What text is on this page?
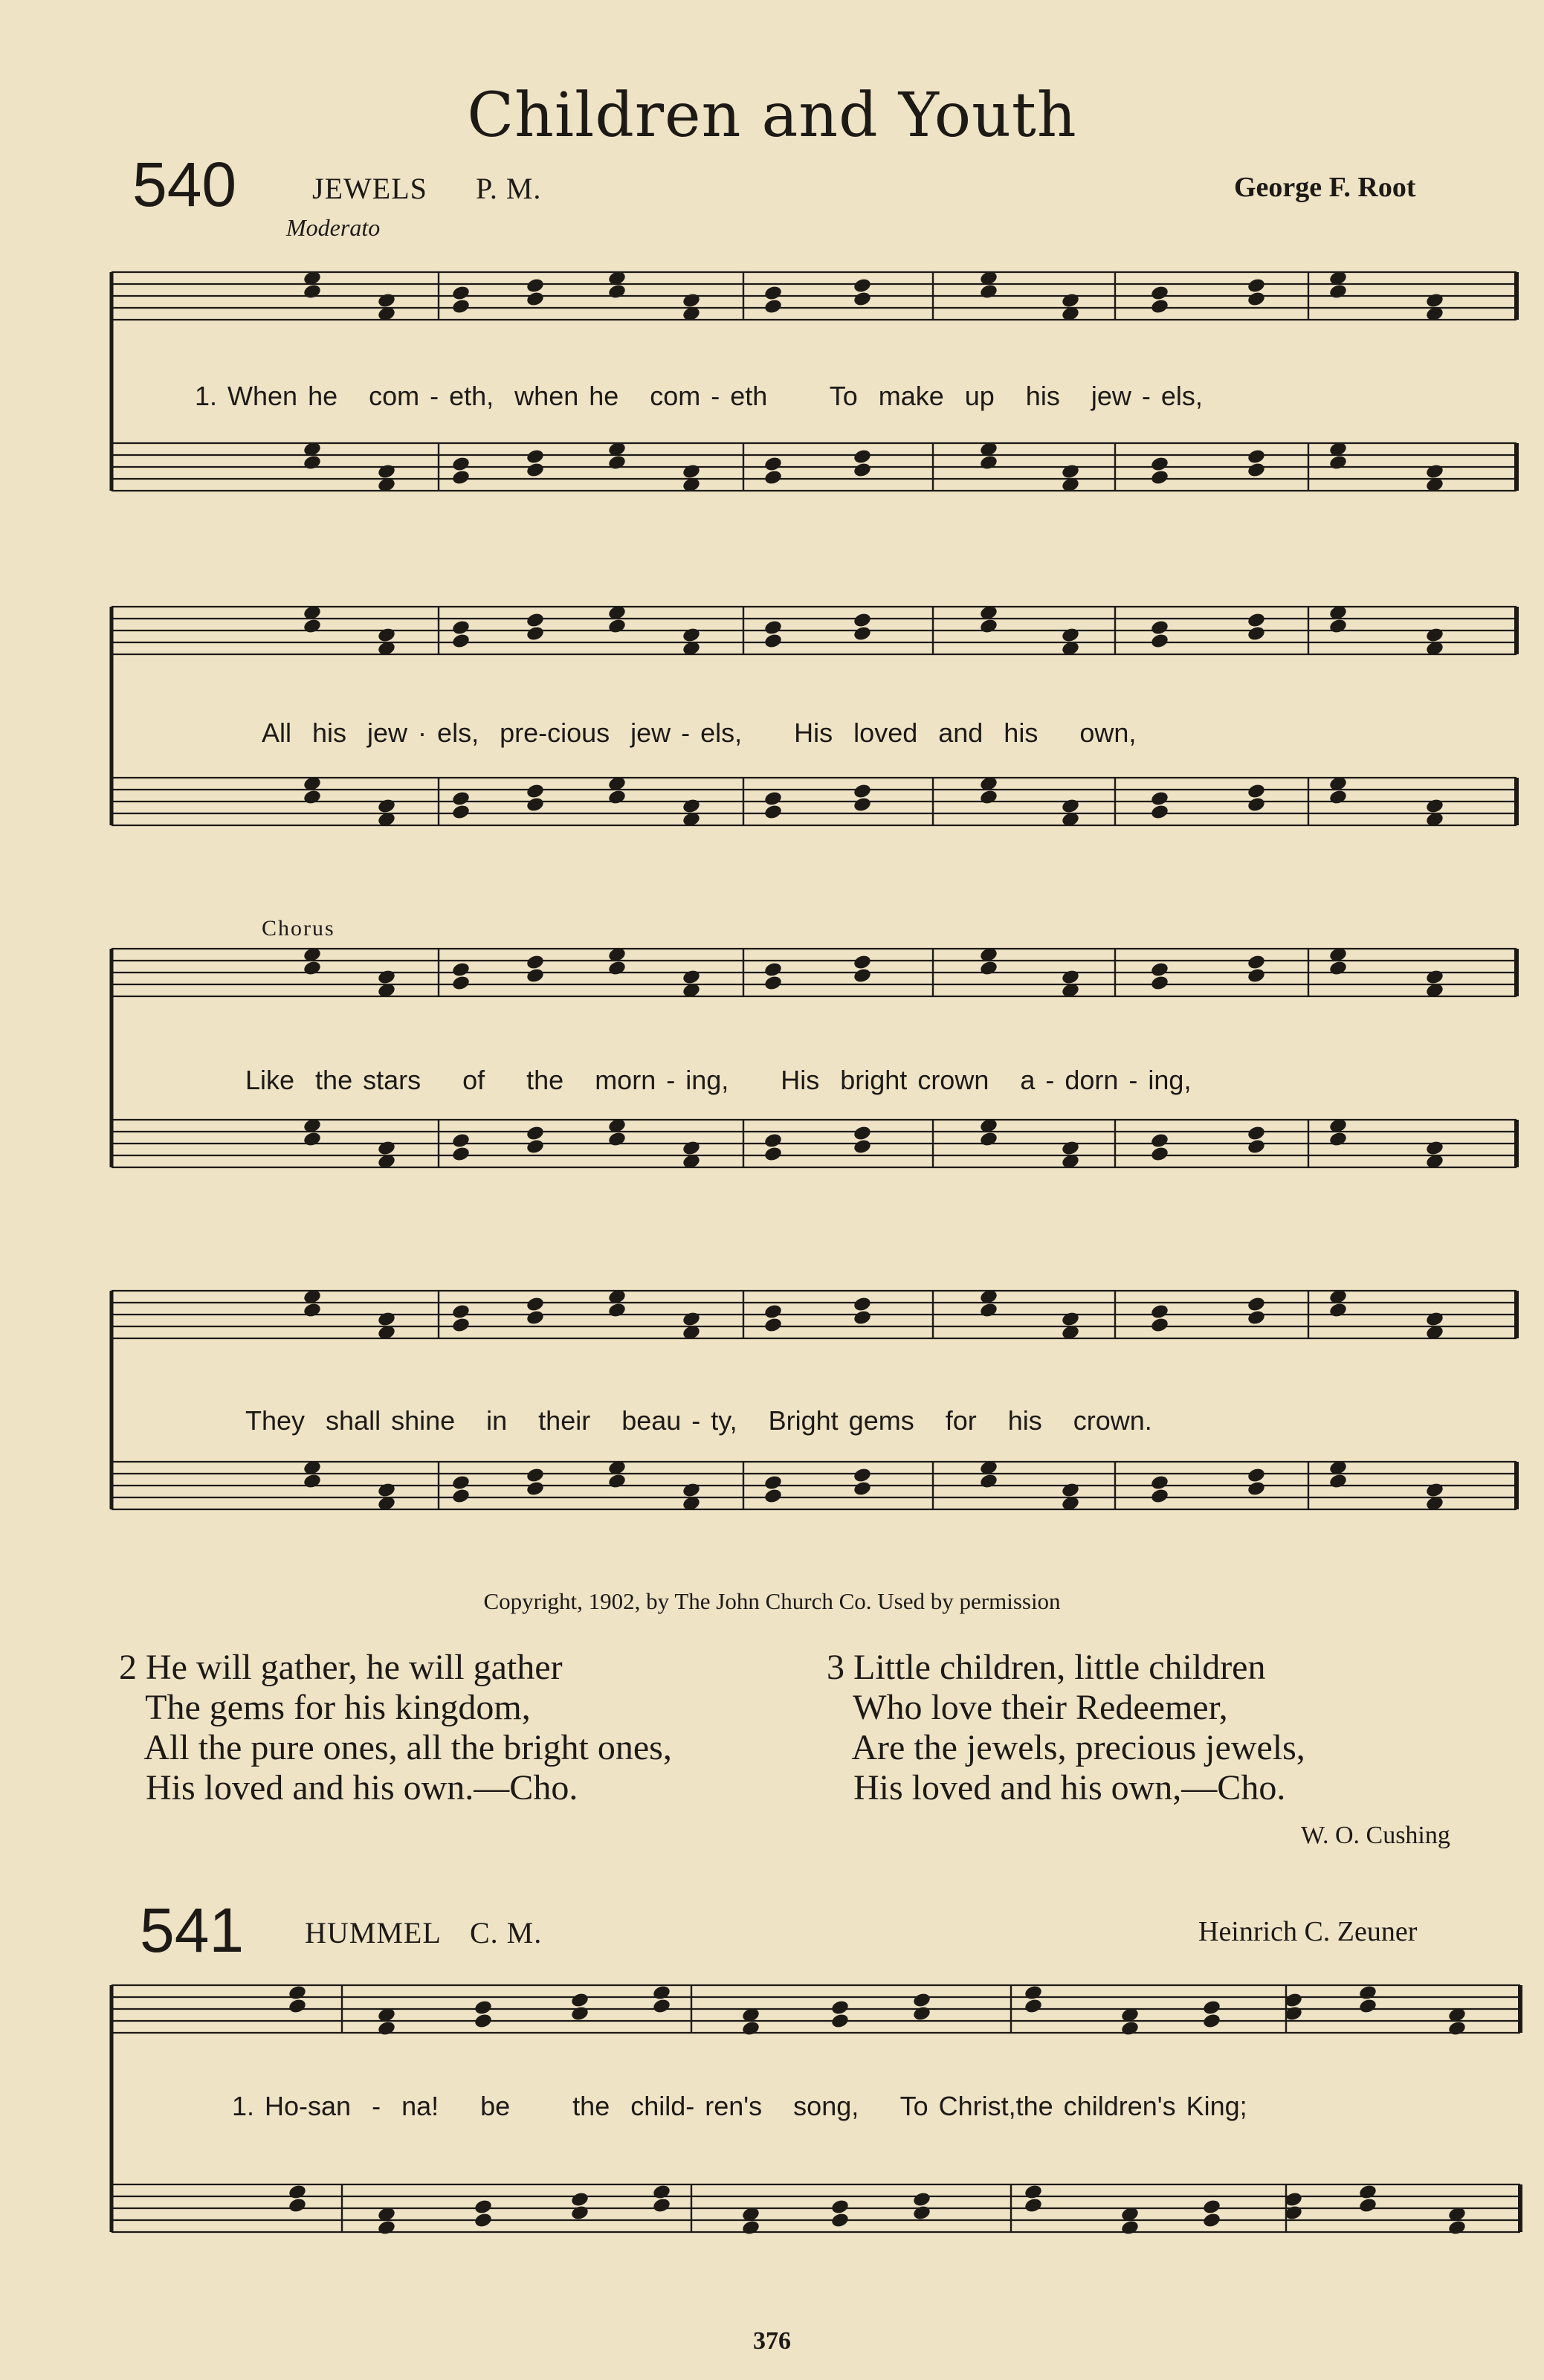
Children and Youth
540	JEWELS P. M.	George F. Root
Moderato
1. When he   com - eth,  when he   com - eth      To  make  up   his   jew - els,
All  his  jew · els,  pre-cious  jew - els,     His  loved  and  his    own,
Chorus
Like  the stars    of    the   morn - ing,     His  bright crown   a - dorn - ing,
They  shall shine   in   their   beau - ty,   Bright gems   for   his   crown.
Copyright, 1902, by The John Church Co. Used by permission
2 He will gather, he will gather
The gems for his kingdom,
All the pure ones, all the bright ones,
His loved and his own.—Cho.
3 Little children, little children
Who love their Redeemer,
Are the jewels, precious jewels,
His loved and his own,—Cho.
W. O. Cushing
541 HUMMEL C. M.	Heinrich C. Zeuner
1. Ho-san  -  na!    be      the  child- ren's   song,    To Christ,the children's King;
376
